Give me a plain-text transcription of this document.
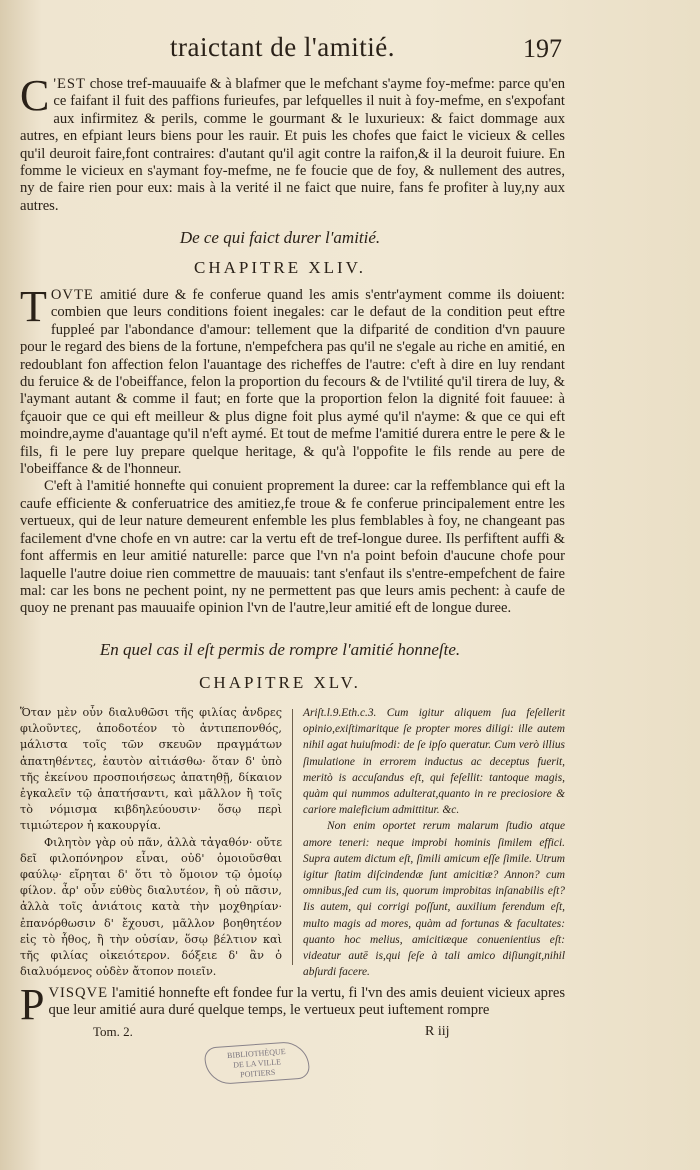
traictant de l'amitié.	197

C 'EST chose tref-mauuaife & à blafmer que le mefchant s'ayme foy-mefme: parce qu'en ce faifant il fuit des paffions furieufes, par lefquelles il nuit à foy-mefme, en s'expofant aux infirmitez & perils, comme le gourmant & le luxurieux: & faict dommage aux autres, en efpiant leurs biens pour les rauir. Et puis les chofes que faict le vicieux & celles qu'il deuroit faire,font contraires: d'autant qu'il agit contre la raifon,& il la deuroit fuiure. En fomme le vicieux en s'aymant foy-mefme, ne fe foucie que de foy, & nullement des autres, ny de faire rien pour eux: mais à la verité il ne faict que nuire, fans fe profiter à luy,ny aux autres.

De ce qui faict durer l'amitié.
CHAPITRE XLIV.

TOVTE amitié dure & fe conferue quand les amis s'entr'ayment comme ils doiuent: combien que leurs conditions foient inegales: car le defaut de la condition peut eftre fuppleé par l'abondance d'amour: tellement que la difparité de condition d'vn pauure pour le regard des biens de la fortune, n'empefchera pas qu'il ne s'egale au riche en amitié, en redoublant fon affection felon l'auantage des richeffes de l'autre: c'eft à dire en luy rendant du feruice & de l'obeiffance, felon la proportion du fecours & de l'vtilité qu'il tirera de luy, & l'aymant autant & comme il faut; en forte que la proportion felon la dignité foit fauuee: à fçauoir que ce qui eft meilleur & plus digne foit plus aymé qu'il n'ayme: & que ce qui eft moindre,ayme d'auantage qu'il n'eft aymé. Et tout de mefme l'amitié durera entre le pere & le fils, fi le pere luy prepare quelque heritage, & qu'à l'oppofite le fils rende au pere de l'obeiffance & de l'honneur.

C'eft à l'amitié honnefte qui conuient proprement la duree: car la reffemblance qui eft la caufe efficiente & conferuatrice des amitiez,fe troue & fe conferue principalement entre les vertueux, qui de leur nature demeurent enfemble les plus femblables à foy, ne changeant pas facilement d'vne chofe en vn autre: car la vertu eft de tref-longue duree. Ils perfiftent auffi & font affermis en leur amitié naturelle: parce que l'vn n'a point befoin d'aucune chofe pour laquelle l'autre doiue rien commettre de mauuais: tant s'enfaut ils s'entre-empefchent de faire mal: car les bons ne pechent point, ny ne permettent pas que leurs amis pechent: à caufe de quoy ne prenant pas mauuaife opinion l'vn de l'autre,leur amitié eft de longue duree.

En quel cas il eſt permis de rompre l'amitié honneſte.
CHAPITRE XLV.

Ὅταν μὲν οὖν διαλυθῶσι τῆς φιλίας ἀνδρες φιλοῦντες, ἀποδοτέον τὸ ἀντιπεπονθός, μάλιστα τοῖς τῶν σκευῶν πραγμάτων ἀπατηθέντες, ἑαυτὸν αἰτιάσθω· ὅταν δ' ὑπὸ τῆς ἐκείνου προσποιήσεως ἀπατηθῇ, δίκαιον ἐγκαλεῖν τῷ ἀπατήσαντι, καὶ μᾶλλον ἢ τοῖς τὸ νόμισμα κιβδηλεύουσιν· ὅσῳ περὶ τιμιώτερον ἡ κακουργία.

Φιλητὸν γὰρ οὐ πᾶν, ἀλλὰ τἀγαθόν· οὔτε δεῖ φιλοπόνηρον εἶναι, οὐδ' ὁμοιοῦσθαι φαύλῳ· εἴρηται δ' ὅτι τὸ ὅμοιον τῷ ὁμοίῳ φίλον. ἆρ' οὖν εὐθὺς διαλυτέον, ἢ οὐ πᾶσιν, ἀλλὰ τοῖς ἀνιάτοις κατὰ τὴν μοχθηρίαν· ἐπανόρθωσιν δ' ἔχουσι, μᾶλλον βοηθητέον εἰς τὸ ἦθος, ἢ τὴν οὐσίαν, ὅσῳ βέλτιον καὶ τῆς φιλίας οἰκειότερον. δόξειε δ' ἂν ὁ διαλυόμενος οὐδὲν ἄτοπον ποιεῖν.

Ariſt.l.9.Eth.c.3. Cum igitur aliquem ſua feſellerit opinio,exiſtimaritque ſe propter mores diligi: ille autem nihil agat huiuſmodi: de ſe ipſo queratur. Cum verò illius ſimulatione in errorem inductus ac deceptus fuerit, meritò is accuſandus eſt, qui feſellit: tantoque magis, quàm qui nummos adulterat,quanto in re preciosiore & cariore maleficium admittitur. &c.

Non enim oportet rerum malarum ſtudio atque amore teneri: neque improbi hominis ſimilem effici. Supra autem dictum eſt, ſimili amicum eſſe ſimile. Utrum igitur ſtatim diſcindendæ ſunt amicitiæ? Annon? cum omnibus,ſed cum iis, quorum improbitas inſanabilis eſt? Iis autem, qui corrigi poſſunt, auxilium ferendum eſt, multo magis ad mores, quàm ad fortunas & facultates: quanto hoc melius, amicitiæque conuenientius eſt: videatur autē is,qui ſeſe à tali amico diſiungit,nihil abſurdi facere.

PVISQVE l'amitié honnefte eft fondee fur la vertu, fi l'vn des amis deuient vicieux apres que leur amitié aura duré quelque temps, le vertueux peut iuftement rompre

Tom. 2.	R iij
BIBLIOTHÈQUE
DE LA VILLE
POITIERS
